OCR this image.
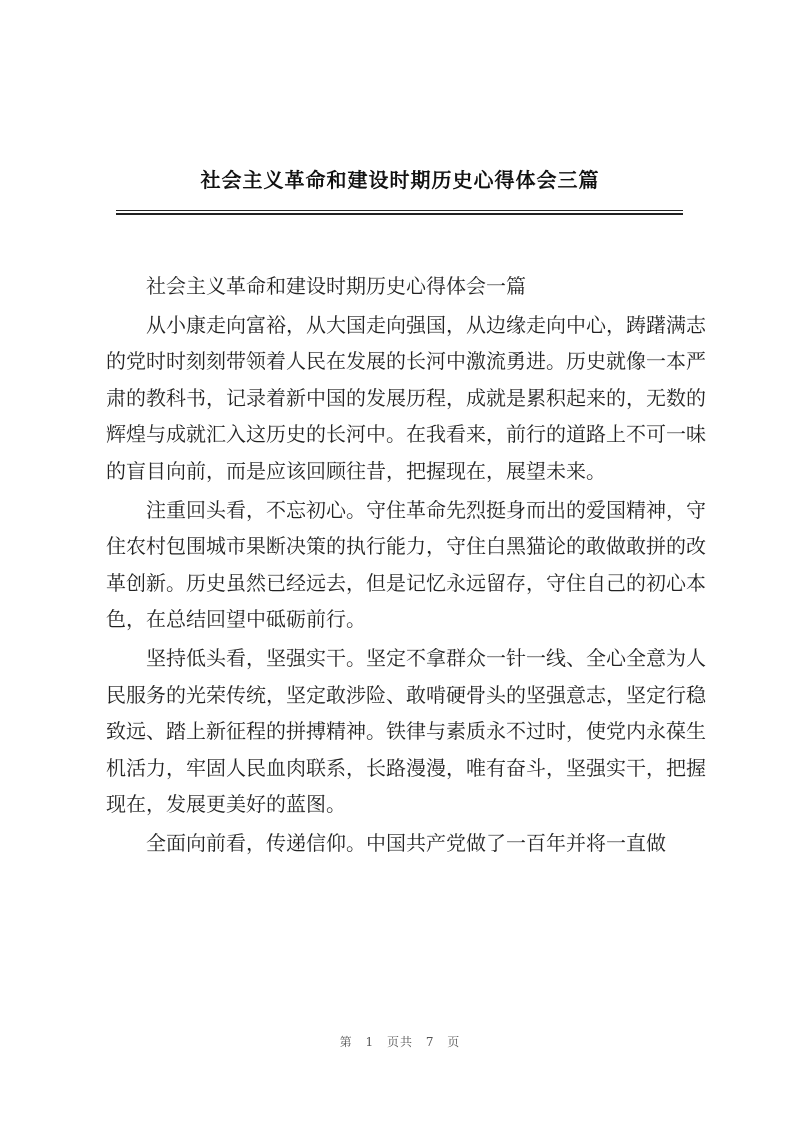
社会主义革命和建设时期历史心得体会三篇

社会主义革命和建设时期历史心得体会一篇

从小康走向富裕，从大国走向强国，从边缘走向中心，踌躇满志的党时时刻刻带领着人民在发展的长河中激流勇进。历史就像一本严肃的教科书，记录着新中国的发展历程，成就是累积起来的，无数的辉煌与成就汇入这历史的长河中。在我看来，前行的道路上不可一味的盲目向前，而是应该回顾往昔，把握现在，展望未来。

注重回头看，不忘初心。守住革命先烈挺身而出的爱国精神，守住农村包围城市果断决策的执行能力，守住白黑猫论的敢做敢拼的改革创新。历史虽然已经远去，但是记忆永远留存，守住自己的初心本色，在总结回望中砥砺前行。

坚持低头看，坚强实干。坚定不拿群众一针一线、全心全意为人民服务的光荣传统，坚定敢涉险、敢啃硬骨头的坚强意志，坚定行稳致远、踏上新征程的拼搏精神。铁律与素质永不过时，使党内永葆生机活力，牢固人民血肉联系，长路漫漫，唯有奋斗，坚强实干，把握现在，发展更美好的蓝图。

全面向前看，传递信仰。中国共产党做了一百年并将一直做

第 1 页共 7 页
